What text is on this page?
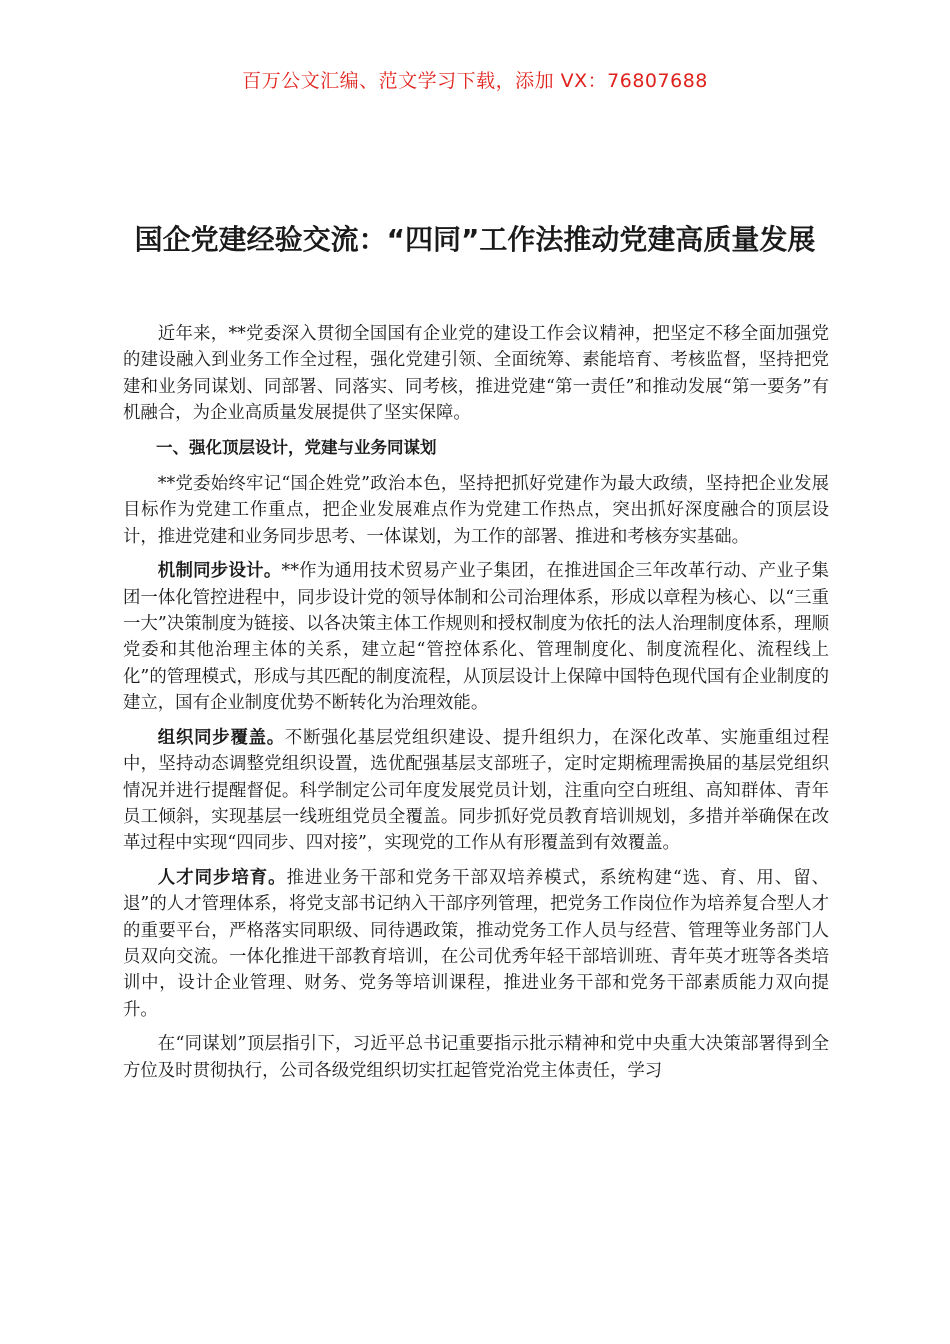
百万公文汇编、范文学习下载，添加 VX：76807688
国企党建经验交流：“四同”工作法推动党建高质量发展

近年来，**党委深入贯彻全国国有企业党的建设工作会议精神，把坚定不移全面加强党的建设融入到业务工作全过程，强化党建引领、全面统筹、素能培育、考核监督，坚持把党建和业务同谋划、同部署、同落实、同考核，推进党建“第一责任”和推动发展“第一要务”有机融合，为企业高质量发展提供了坚实保障。

一、强化顶层设计，党建与业务同谋划

**党委始终牢记“国企姓党”政治本色，坚持把抓好党建作为最大政绩，坚持把企业发展目标作为党建工作重点，把企业发展难点作为党建工作热点，突出抓好深度融合的顶层设计，推进党建和业务同步思考、一体谋划，为工作的部署、推进和考核夯实基础。

机制同步设计。**作为通用技术贸易产业子集团，在推进国企三年改革行动、产业子集团一体化管控进程中，同步设计党的领导体制和公司治理体系，形成以章程为核心、以“三重一大”决策制度为链接、以各决策主体工作规则和授权制度为依托的法人治理制度体系，理顺党委和其他治理主体的关系，建立起“管控体系化、管理制度化、制度流程化、流程线上化”的管理模式，形成与其匹配的制度流程，从顶层设计上保障中国特色现代国有企业制度的建立，国有企业制度优势不断转化为治理效能。

组织同步覆盖。不断强化基层党组织建设、提升组织力，在深化改革、实施重组过程中，坚持动态调整党组织设置，选优配强基层支部班子，定时定期梳理需换届的基层党组织情况并进行提醒督促。科学制定公司年度发展党员计划，注重向空白班组、高知群体、青年员工倾斜，实现基层一线班组党员全覆盖。同步抓好党员教育培训规划，多措并举确保在改革过程中实现“四同步、四对接”，实现党的工作从有形覆盖到有效覆盖。

人才同步培育。推进业务干部和党务干部双培养模式，系统构建“选、育、用、留、退”的人才管理体系，将党支部书记纳入干部序列管理，把党务工作岗位作为培养复合型人才的重要平台，严格落实同职级、同待遇政策，推动党务工作人员与经营、管理等业务部门人员双向交流。一体化推进干部教育培训，在公司优秀年轻干部培训班、青年英才班等各类培训中，设计企业管理、财务、党务等培训课程，推进业务干部和党务干部素质能力双向提升。

在“同谋划”顶层指引下，习近平总书记重要指示批示精神和党中央重大决策部署得到全方位及时贯彻执行，公司各级党组织切实扛起管党治党主体责任，学习
